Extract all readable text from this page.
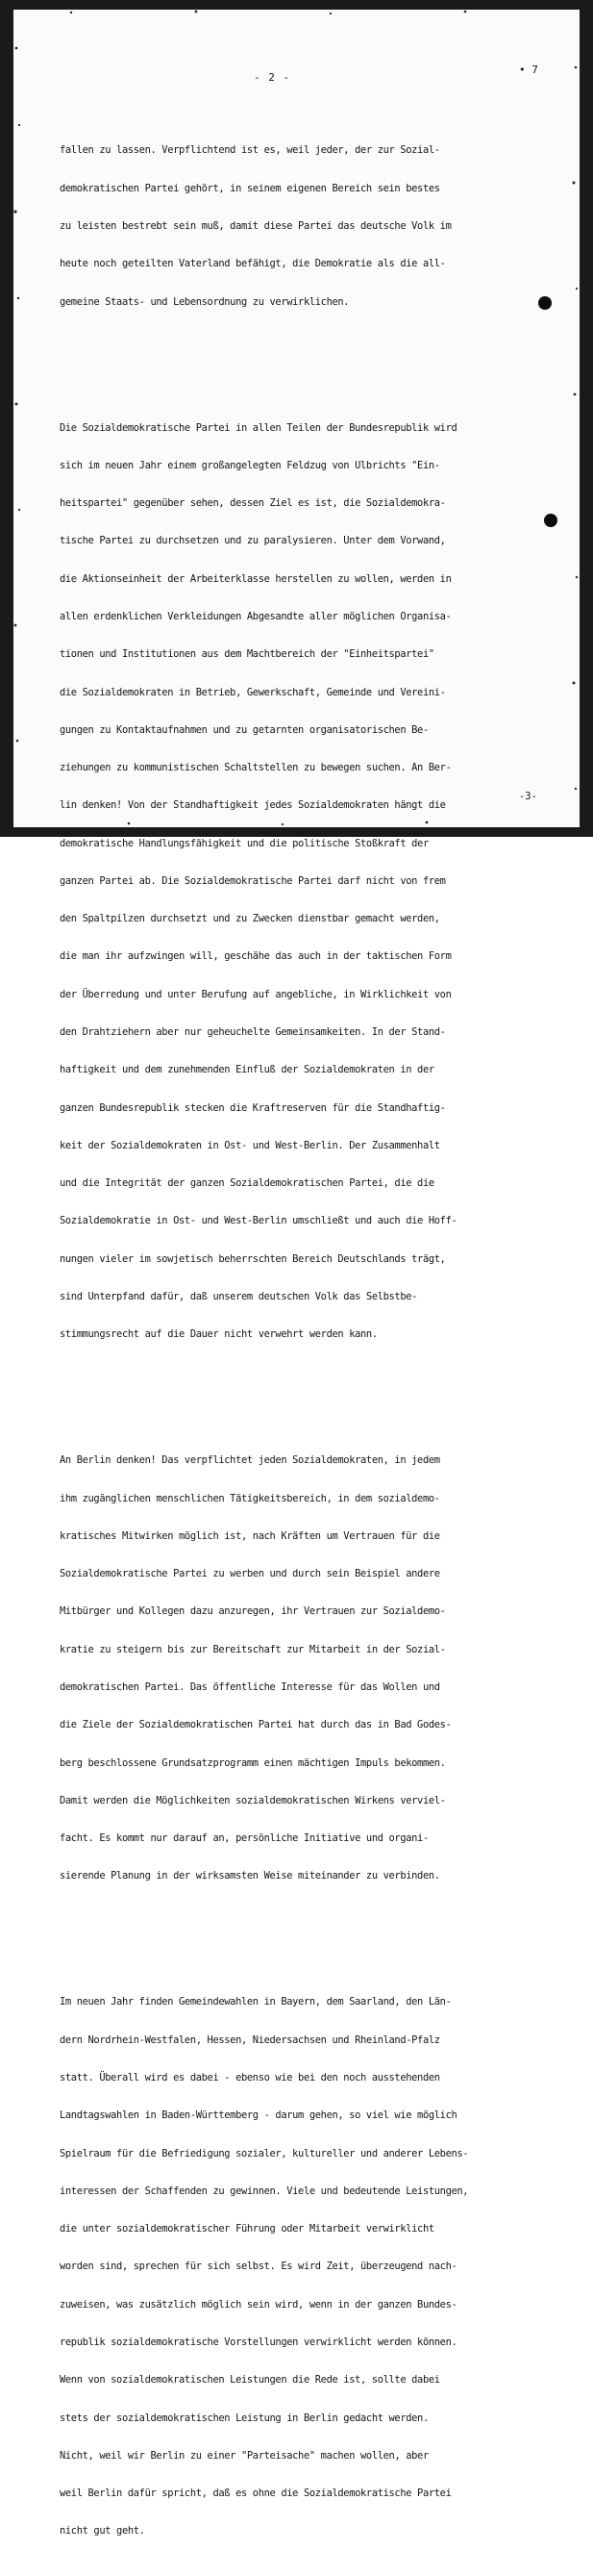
• 7
- 2 -

fallen zu lassen. Verpflichtend ist es, weil jeder, der zur Sozial-

demokratischen Partei gehört, in seinem eigenen Bereich sein bestes

zu leisten bestrebt sein muß, damit diese Partei das deutsche Volk im

heute noch geteilten Vaterland befähigt, die Demokratie als die all-

gemeine Staats- und Lebensordnung zu verwirklichen.

Die Sozialdemokratische Partei in allen Teilen der Bundesrepublik wird

sich im neuen Jahr einem großangelegten Feldzug von Ulbrichts "Ein-

heitspartei" gegenüber sehen, dessen Ziel es ist, die Sozialdemokra-

tische Partei zu durchsetzen und zu paralysieren. Unter dem Vorwand,

die Aktionseinheit der Arbeiterklasse herstellen zu wollen, werden in

allen erdenklichen Verkleidungen Abgesandte aller möglichen Organisa-

tionen und Institutionen aus dem Machtbereich der "Einheitspartei"

die Sozialdemokraten in Betrieb, Gewerkschaft, Gemeinde und Vereini-

gungen zu Kontaktaufnahmen und zu getarnten organisatorischen Be-

ziehungen zu kommunistischen Schaltstellen zu bewegen suchen. An Ber-

lin denken! Von der Standhaftigkeit jedes Sozialdemokraten hängt die

demokratische Handlungsfähigkeit und die politische Stoßkraft der

ganzen Partei ab. Die Sozialdemokratische Partei darf nicht von frem

den Spaltpilzen durchsetzt und zu Zwecken dienstbar gemacht werden,

die man ihr aufzwingen will, geschähe das auch in der taktischen Form

der Überredung und unter Berufung auf angebliche, in Wirklichkeit von

den Drahtziehern aber nur geheuchelte Gemeinsamkeiten. In der Stand-

haftigkeit und dem zunehmenden Einfluß der Sozialdemokraten in der

ganzen Bundesrepublik stecken die Kraftreserven für die Standhaftig-

keit der Sozialdemokraten in Ost- und West-Berlin. Der Zusammenhalt

und die Integrität der ganzen Sozialdemokratischen Partei, die die

Sozialdemokratie in Ost- und West-Berlin umschließt und auch die Hoff-

nungen vieler im sowjetisch beherrschten Bereich Deutschlands trägt,

sind Unterpfand dafür, daß unserem deutschen Volk das Selbstbe-

stimmungsrecht auf die Dauer nicht verwehrt werden kann.

An Berlin denken! Das verpflichtet jeden Sozialdemokraten, in jedem

ihm zugänglichen menschlichen Tätigkeitsbereich, in dem sozialdemo-

kratisches Mitwirken möglich ist, nach Kräften um Vertrauen für die

Sozialdemokratische Partei zu werben und durch sein Beispiel andere

Mitbürger und Kollegen dazu anzuregen, ihr Vertrauen zur Sozialdemo-

kratie zu steigern bis zur Bereitschaft zur Mitarbeit in der Sozial-

demokratischen Partei. Das öffentliche Interesse für das Wollen und

die Ziele der Sozialdemokratischen Partei hat durch das in Bad Godes-

berg beschlossene Grundsatzprogramm einen mächtigen Impuls bekommen.

Damit werden die Möglichkeiten sozialdemokratischen Wirkens verviel-

facht. Es kommt nur darauf an, persönliche Initiative und organi-

sierende Planung in der wirksamsten Weise miteinander zu verbinden.

Im neuen Jahr finden Gemeindewahlen in Bayern, dem Saarland, den Län-

dern Nordrhein-Westfalen, Hessen, Niedersachsen und Rheinland-Pfalz

statt. Überall wird es dabei - ebenso wie bei den noch ausstehenden

Landtagswahlen in Baden-Württemberg - darum gehen, so viel wie möglich

Spielraum für die Befriedigung sozialer, kultureller und anderer Lebens-

interessen der Schaffenden zu gewinnen. Viele und bedeutende Leistungen,

die unter sozialdemokratischer Führung oder Mitarbeit verwirklicht

worden sind, sprechen für sich selbst. Es wird Zeit, überzeugend nach-

zuweisen, was zusätzlich möglich sein wird, wenn in der ganzen Bundes-

republik sozialdemokratische Vorstellungen verwirklicht werden können.

Wenn von sozialdemokratischen Leistungen die Rede ist, sollte dabei

stets der sozialdemokratischen Leistung in Berlin gedacht werden.

Nicht, weil wir Berlin zu einer "Parteisache" machen wollen, aber

weil Berlin dafür spricht, daß es ohne die Sozialdemokratische Partei

nicht gut geht.

-3-
